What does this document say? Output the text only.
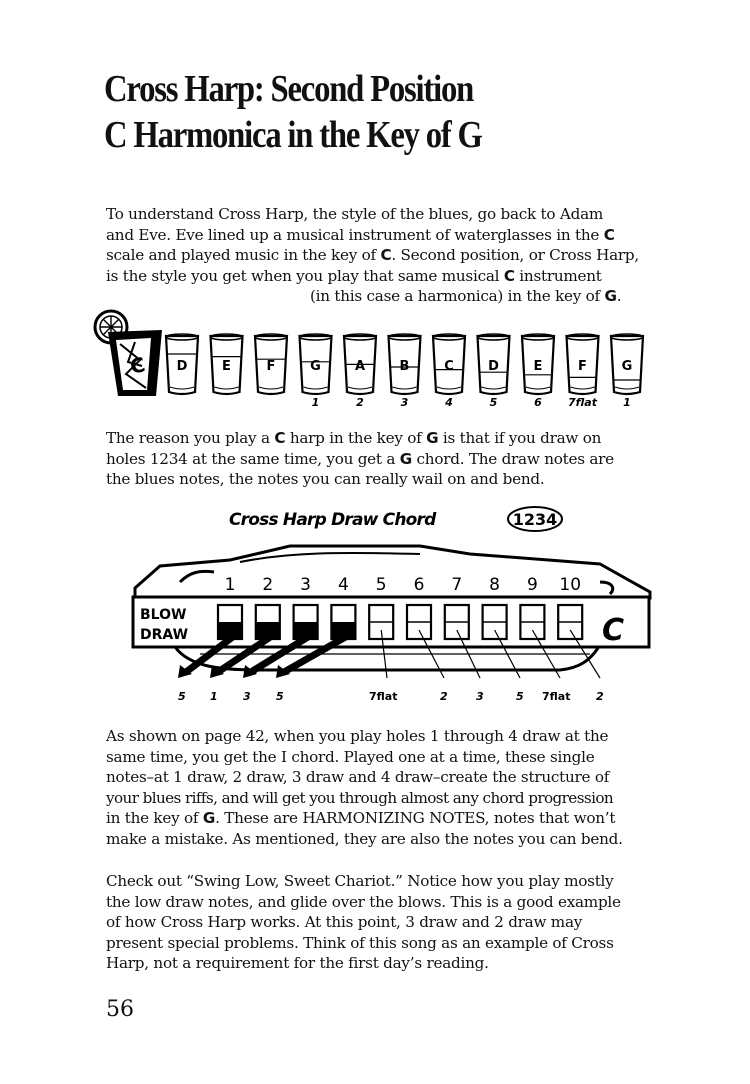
Cross Harp: Second Position
C Harmonica in the Key of G

To understand Cross Harp, the style of the blues, go back to Adam
and Eve. Eve lined up a musical instrument of waterglasses in the C
scale and played music in the key of C. Second position, or Cross Harp,
is the style you get when you play that same musical C instrument
(in this case a harmonica) in the key of G.

C D	E	F	G
1
A
2
B
3
C
4
D
5
E
6
F
7flat
G
1

The reason you play a C harp in the key of G is that if you draw on
holes 1234 at the same time, you get a G chord. The draw notes are
the blues notes, the notes you can really wail on and bend.

Cross Harp Draw Chord	1234
BLOW
DRAW	C
1 2 3 4 5 6 7 8 9 10
5 1 3 5	7flat	2	3	5 7flat 2

As shown on page 42, when you play holes 1 through 4 draw at the
same time, you get the I chord. Played one at a time, these single
notes–at 1 draw, 2 draw, 3 draw and 4 draw–create the structure of
your blues riffs, and will get you through almost any chord progression
in the key of G. These are HARMONIZING NOTES, notes that won’t
make a mistake. As mentioned, they are also the notes you can bend.

Check out “Swing Low, Sweet Chariot.” Notice how you play mostly
the low draw notes, and glide over the blows. This is a good example
of how Cross Harp works. At this point, 3 draw and 2 draw may
present special problems. Think of this song as an example of Cross
Harp, not a requirement for the first day’s reading.

56
